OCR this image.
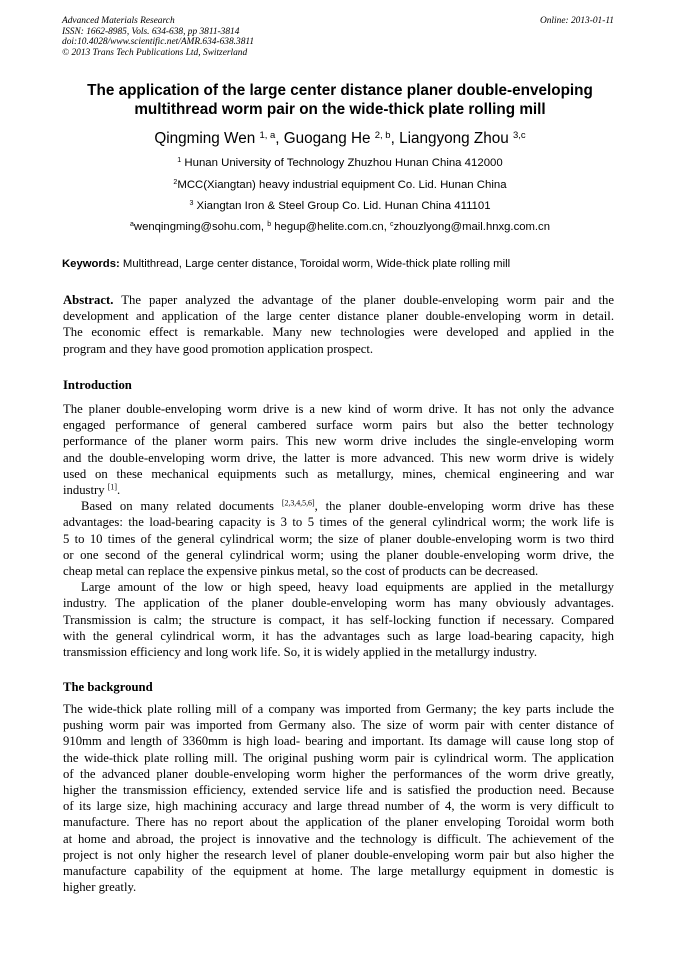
Advanced Materials Research
ISSN: 1662-8985, Vols. 634-638, pp 3811-3814
doi:10.4028/www.scientific.net/AMR.634-638.3811
© 2013 Trans Tech Publications Ltd, Switzerland
Online: 2013-01-11
The application of the large center distance planer double-enveloping
multithread worm pair on the wide-thick plate rolling mill
Qingming Wen $^{1, a}$, Guogang He $^{2, b}$, Liangyong Zhou $^{3,c}$
$^1$ Hunan University of Technology Zhuzhou Hunan China 412000
$^2$MCC(Xiangtan) heavy industrial equipment Co. Lid. Hunan China
$^3$ Xiangtan Iron & Steel Group Co. Lid. Hunan China 411101
$^a$wenqingming@sohu.com, $^b$ hegup@helite.com.cn, $^c$zhouzlyong@mail.hnxg.com.cn
Keywords: Multithread, Large center distance, Toroidal worm, Wide-thick plate rolling mill
Abstract. The paper analyzed the advantage of the planer double-enveloping worm pair and the
development and application of the large center distance planer double-enveloping worm in detail.
The economic effect is remarkable. Many new technologies were developed and applied in the
program and they have good promotion application prospect.
Introduction
The planer double-enveloping worm drive is a new kind of worm drive. It has not only the advance
engaged performance of general cambered surface worm pairs but also the better technology
performance of the planer worm pairs. This new worm drive includes the single-enveloping worm
and the double-enveloping worm drive, the latter is more advanced. This new worm drive is widely
used on these mechanical equipments such as metallurgy, mines, chemical engineering and war
industry [1].
Based on many related documents [2,3,4,5,6], the planer double-enveloping worm drive has these
advantages: the load-bearing capacity is 3 to 5 times of the general cylindrical worm; the work life is
5 to 10 times of the general cylindrical worm; the size of planer double-enveloping worm is two third
or one second of the general cylindrical worm; using the planer double-enveloping worm drive, the
cheap metal can replace the expensive pinkus metal, so the cost of products can be decreased.
Large amount of the low or high speed, heavy load equipments are applied in the metallurgy
industry. The application of the planer double-enveloping worm has many obviously advantages.
Transmission is calm; the structure is compact, it has self-locking function if necessary. Compared
with the general cylindrical worm, it has the advantages such as large load-bearing capacity, high
transmission efficiency and long work life. So, it is widely applied in the metallurgy industry.
The background
The wide-thick plate rolling mill of a company was imported from Germany; the key parts include the
pushing worm pair was imported from Germany also. The size of worm pair with center distance of
910mm and length of 3360mm is high load- bearing and important. Its damage will cause long stop of
the wide-thick plate rolling mill. The original pushing worm pair is cylindrical worm. The application
of the advanced planer double-enveloping worm higher the performances of the worm drive greatly,
higher the transmission efficiency, extended service life and is satisfied the production need. Because
of its large size, high machining accuracy and large thread number of 4, the worm is very difficult to
manufacture. There has no report about the application of the planer enveloping Toroidal worm both
at home and abroad, the project is innovative and the technology is difficult. The achievement of the
project is not only higher the research level of planer double-enveloping worm pair but also higher the
manufacture capability of the equipment at home. The large metallurgy equipment in domestic is
higher greatly.
